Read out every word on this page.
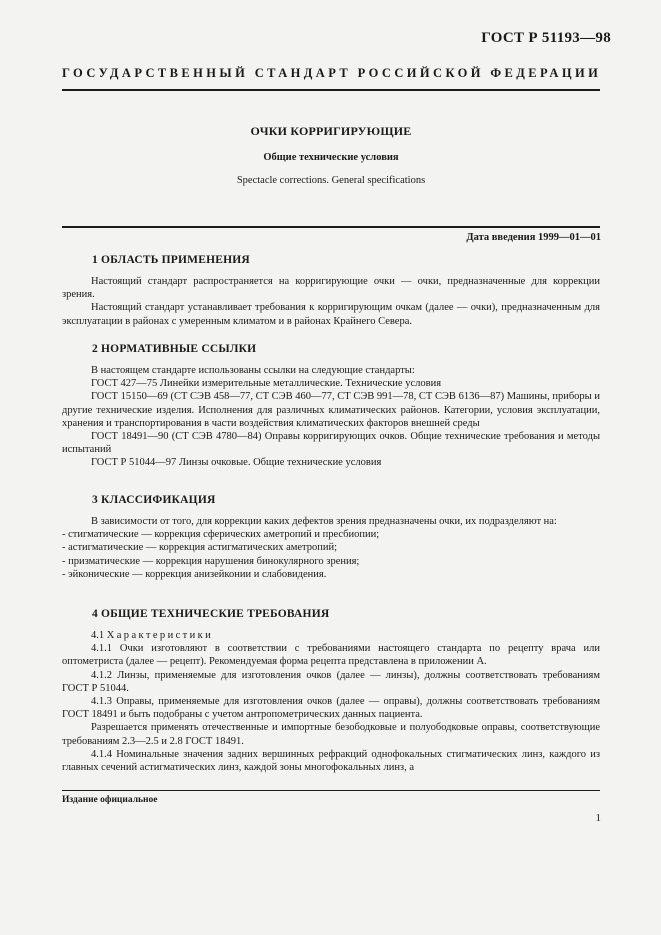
ГОСТ Р 51193—98
ГОСУДАРСТВЕННЫЙ СТАНДАРТ РОССИЙСКОЙ ФЕДЕРАЦИИ
ОЧКИ КОРРИГИРУЮЩИЕ
Общие технические условия
Spectacle corrections. General specifications
Дата введения 1999—01—01
1 ОБЛАСТЬ ПРИМЕНЕНИЯ

Настоящий стандарт распространяется на корригирующие очки — очки, предназначенные для коррекции зрения.

Настоящий стандарт устанавливает требования к корригирующим очкам (далее — очки), предназначенным для эксплуатации в районах с умеренным климатом и в районах Крайнего Севера.

2 НОРМАТИВНЫЕ ССЫЛКИ

В настоящем стандарте использованы ссылки на следующие стандарты:

ГОСТ 427—75 Линейки измерительные металлические. Технические условия

ГОСТ 15150—69 (СТ СЭВ 458—77, СТ СЭВ 460—77, СТ СЭВ 991—78, СТ СЭВ 6136—87) Машины, приборы и другие технические изделия. Исполнения для различных климатических районов. Категории, условия эксплуатации, хранения и транспортирования в части воздействия климатических факторов внешней среды

ГОСТ 18491—90 (СТ СЭВ 4780—84) Оправы корригирующих очков. Общие технические требования и методы испытаний

ГОСТ Р 51044—97 Линзы очковые. Общие технические условия

3 КЛАССИФИКАЦИЯ

В зависимости от того, для коррекции каких дефектов зрения предназначены очки, их подразделяют на:

- стигматические — коррекция сферических аметропий и пресбиопии;

- астигматические — коррекция астигматических аметропий;

- призматические — коррекция нарушения бинокулярного зрения;

- эйконические — коррекция анизейконии и слабовидения.

4 ОБЩИЕ ТЕХНИЧЕСКИЕ ТРЕБОВАНИЯ

4.1 Характеристики

4.1.1 Очки изготовляют в соответствии с требованиями настоящего стандарта по рецепту врача или оптометриста (далее — рецепт). Рекомендуемая форма рецепта представлена в приложении А.

4.1.2 Линзы, применяемые для изготовления очков (далее — линзы), должны соответствовать требованиям ГОСТ Р 51044.

4.1.3 Оправы, применяемые для изготовления очков (далее — оправы), должны соответствовать требованиям ГОСТ 18491 и быть подобраны с учетом антропометрических данных пациента.

Разрешается применять отечественные и импортные безободковые и полуободковые оправы, соответствующие требованиям 2.3—2.5 и 2.8 ГОСТ 18491.

4.1.4 Номинальные значения задних вершинных рефракций однофокальных стигматических линз, каждого из главных сечений астигматических линз, каждой зоны многофокальных линз, а

Издание официальное
1
